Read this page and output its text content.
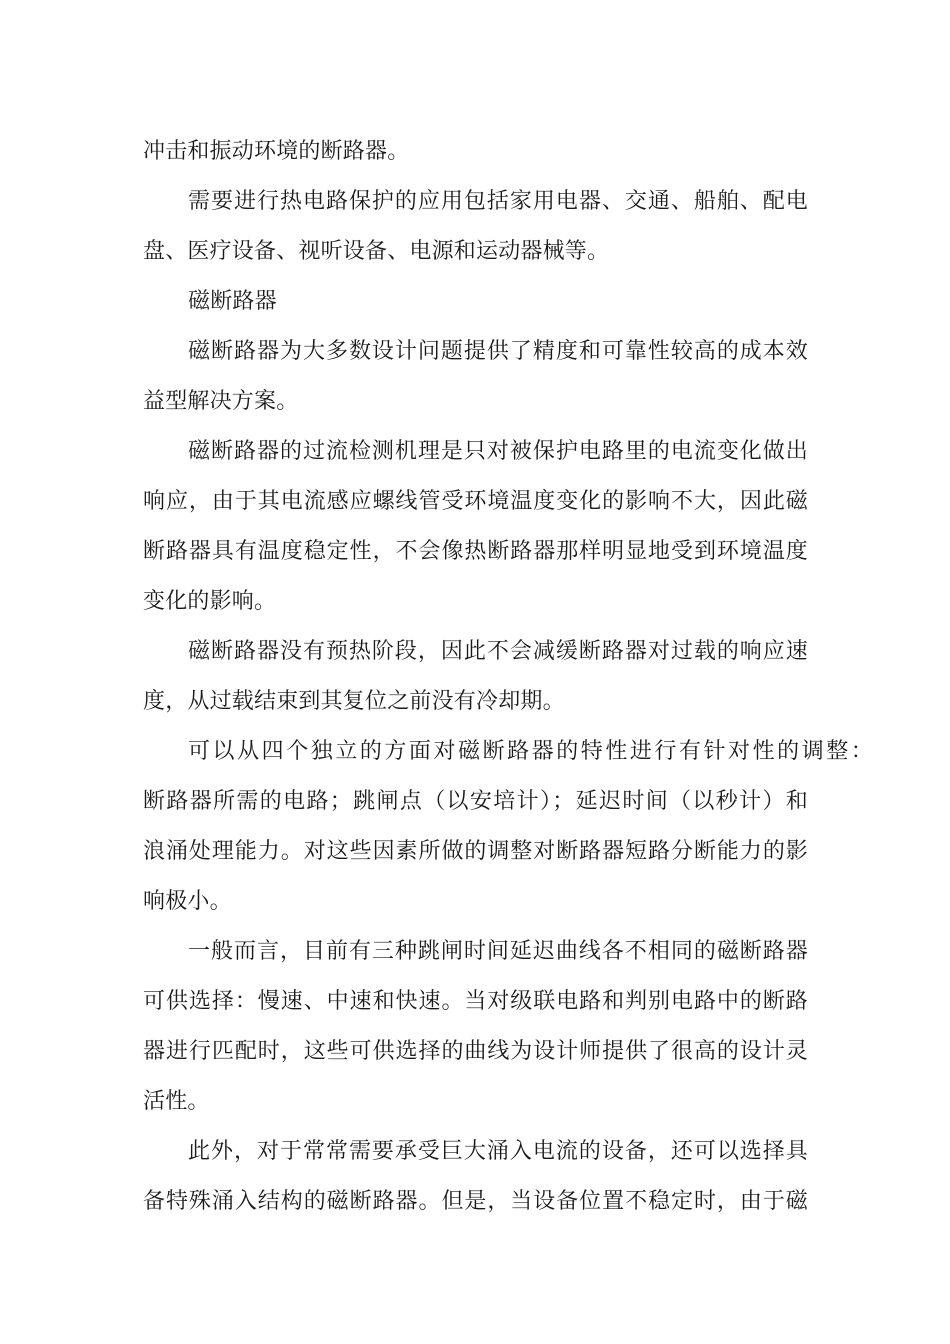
冲击和振动环境的断路器。
需要进行热电路保护的应用包括家用电器、交通、船舶、配电
盘、医疗设备、视听设备、电源和运动器械等。
磁断路器
磁断路器为大多数设计问题提供了精度和可靠性较高的成本效
益型解决方案。
磁断路器的过流检测机理是只对被保护电路里的电流变化做出
响应，由于其电流感应螺线管受环境温度变化的影响不大，因此磁
断路器具有温度稳定性，不会像热断路器那样明显地受到环境温度
变化的影响。
磁断路器没有预热阶段，因此不会减缓断路器对过载的响应速
度，从过载结束到其复位之前没有冷却期。
可以从四个独立的方面对磁断路器的特性进行有针对性的调整：
断路器所需的电路；跳闸点（以安培计）；延迟时间（以秒计）和
浪涌处理能力。对这些因素所做的调整对断路器短路分断能力的影
响极小。
一般而言，目前有三种跳闸时间延迟曲线各不相同的磁断路器
可供选择：慢速、中速和快速。当对级联电路和判别电路中的断路
器进行匹配时，这些可供选择的曲线为设计师提供了很高的设计灵
活性。
此外，对于常常需要承受巨大涌入电流的设备，还可以选择具
备特殊涌入结构的磁断路器。但是，当设备位置不稳定时，由于磁
